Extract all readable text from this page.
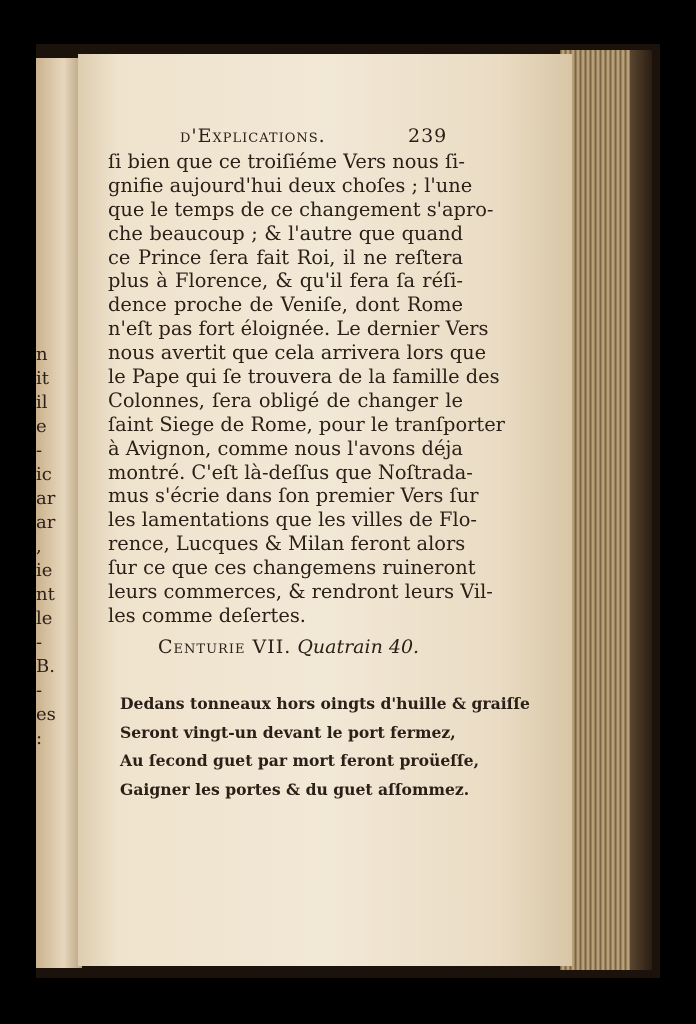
n
it
il
e
-
ic
ar
ar
,
ie
nt
le
-
B.
-
es
:
d'Explications.	239
ſi bien que ce troiſiéme Vers nous ſi-
gnifie aujourd'hui deux choſes ; l'une
que le temps de ce changement s'apro-
che beaucoup ; & l'autre que quand
ce Prince ſera fait Roi, il ne reſtera
plus à Florence, & qu'il fera ſa réſi-
dence proche de Veniſe, dont Rome
n'eſt pas fort éloignée. Le dernier Vers
nous avertit que cela arrivera lors que
le Pape qui ſe trouvera de la famille des
Colonnes, ſera obligé de changer le
ſaint Siege de Rome, pour le tranſporter
à Avignon, comme nous l'avons déja
montré. C'eſt là-deſſus que Noſtrada-
mus s'écrie dans ſon premier Vers ſur
les lamentations que les villes de Flo-
rence, Lucques & Milan feront alors
ſur ce que ces changemens ruineront
leurs commerces, & rendront leurs Vil-
les comme deſertes.
Centurie VII. Quatrain 40.
Dedans tonneaux hors oingts d'huille & graiſſe
Seront vingt-un devant le port fermez,
Au ſecond guet par mort feront proüeſſe,
Gaigner les portes & du guet aſſommez.
